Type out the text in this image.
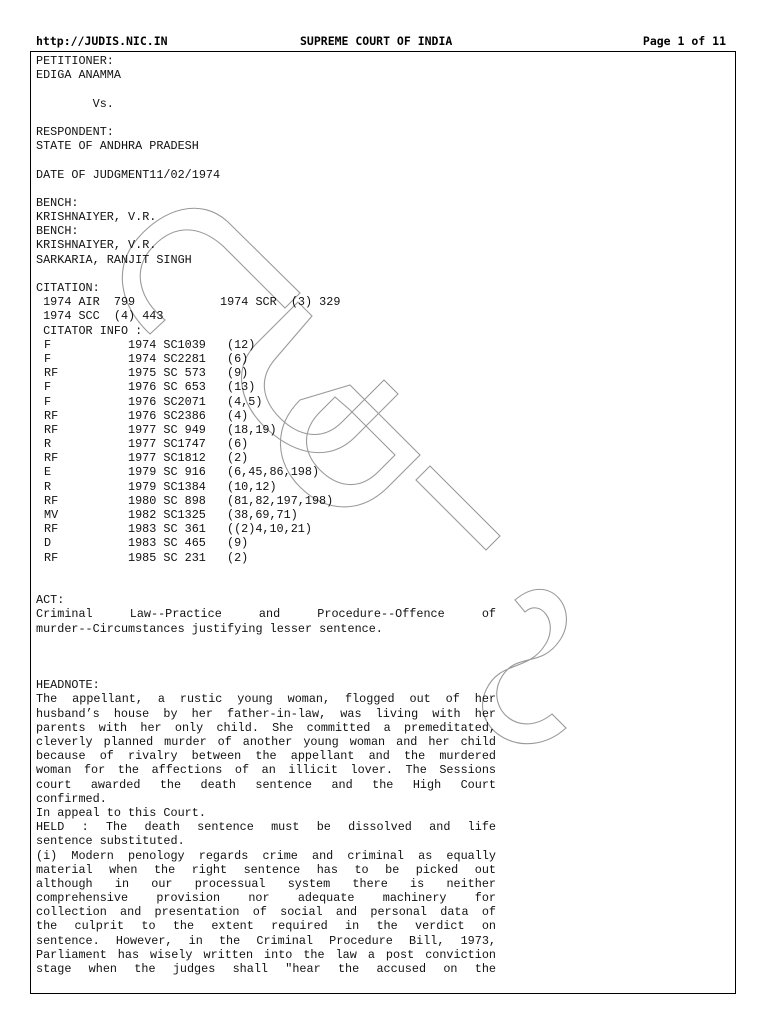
http://JUDIS.NIC.IN	SUPREME COURT OF INDIA	Page 1 of 11
PETITIONER:
EDIGA ANAMMA
Vs.
RESPONDENT:
STATE OF ANDHRA PRADESH
DATE OF JUDGMENT11/02/1974
BENCH:
KRISHNAIYER, V.R.
BENCH:
KRISHNAIYER, V.R.
SARKARIA, RANJIT SINGH
CITATION:
1974 AIR  799            1974 SCR  (3) 329
1974 SCC  (4) 443
CITATOR INFO :
F	1974 SC1039 (12)
F	1974 SC2281 (6)
RF	1975 SC 573 (9)
F	1976 SC 653 (13)
F	1976 SC2071 (4,5)
RF	1976 SC2386 (4)
RF	1977 SC 949 (18,19)
R	1977 SC1747 (6)
RF	1977 SC1812 (2)
E	1979 SC 916 (6,45,86,198)
R	1979 SC1384 (10,12)
RF	1980 SC 898 (81,82,197,198)
MV	1982 SC1325 (38,69,71)
RF	1983 SC 361 ((2)4,10,21)
D	1983 SC 465 (9)
RF	1985 SC 231 (2)
ACT:
Criminal Law--Practice and Procedure--Offence of
murder--Circumstances justifying lesser sentence.
HEADNOTE:
The appellant, a rustic young woman, flogged out of her
husband’s house by her father-in-law, was living with her
parents with her only child. She committed a premeditated,
cleverly planned murder of another young woman and her child
because of rivalry between the appellant and the murdered
woman for the affections of an illicit lover. The Sessions
court awarded the death sentence and the High Court
confirmed.
In appeal to this Court.
HELD : The death sentence must be dissolved and life
sentence substituted.
(i) Modern penology regards crime and criminal as equally
material when the right sentence has to be picked out
although in our processual system there is neither
comprehensive provision nor adequate machinery for
collection and presentation of social and personal data of
the culprit to the extent required in the verdict on
sentence. However, in the Criminal Procedure Bill, 1973,
Parliament has wisely written into the law a post conviction
stage when the judges shall "hear the accused on the
